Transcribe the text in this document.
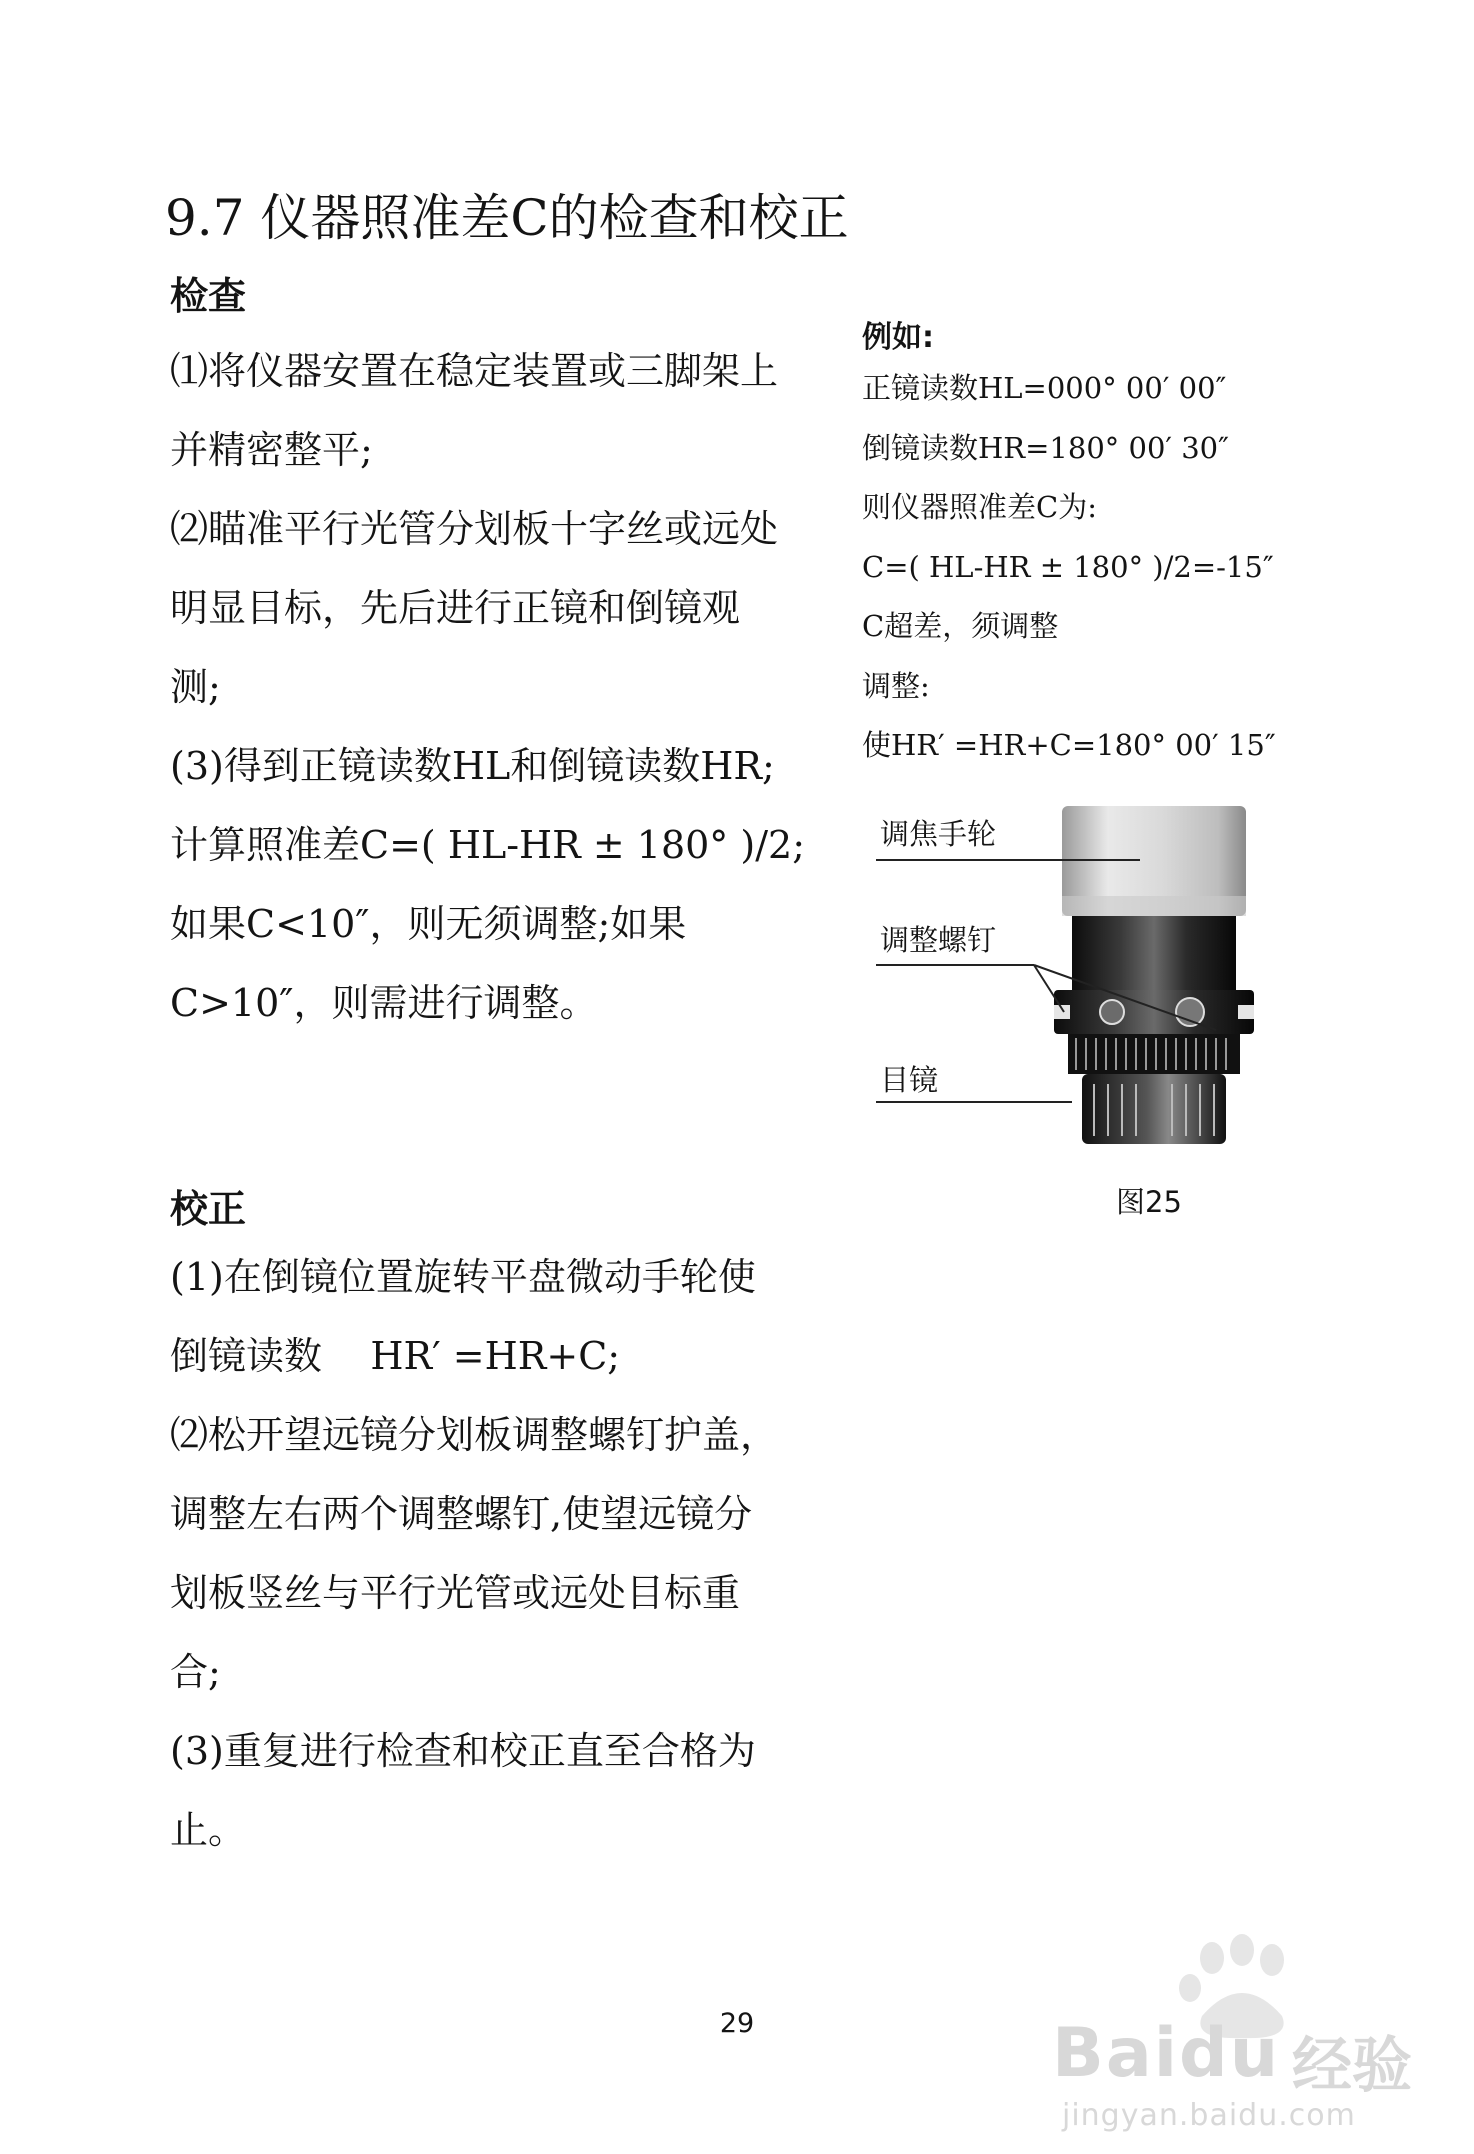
9.7 仪器照准差C的检查和校正
检查

⑴将仪器安置在稳定装置或三脚架上

并精密整平;

⑵瞄准平行光管分划板十字丝或远处

明显目标，先后进行正镜和倒镜观

测;

(3)得到正镜读数HL和倒镜读数HR;

计算照准差C=( HL-HR ± 180° )/2;

如果C<10″，则无须调整;如果

C>10″，则需进行调整。

例如:
正镜读数HL=000° 00′ 00″
倒镜读数HR=180° 00′ 30″
则仪器照准差C为:
C=( HL-HR ± 180° )/2=-15″
C超差，须调整
调整:
使HR′ =HR+C=180° 00′ 15″
调焦手轮
调整螺钉
目镜
图25
校正

(1)在倒镜位置旋转平盘微动手轮使

倒镜读数    HR′ =HR+C;

⑵松开望远镜分划板调整螺钉护盖，

调整左右两个调整螺钉,使望远镜分

划板竖丝与平行光管或远处目标重

合;

(3)重复进行检查和校正直至合格为

止。

29	Baidu 经验
jingyan.baidu.com
